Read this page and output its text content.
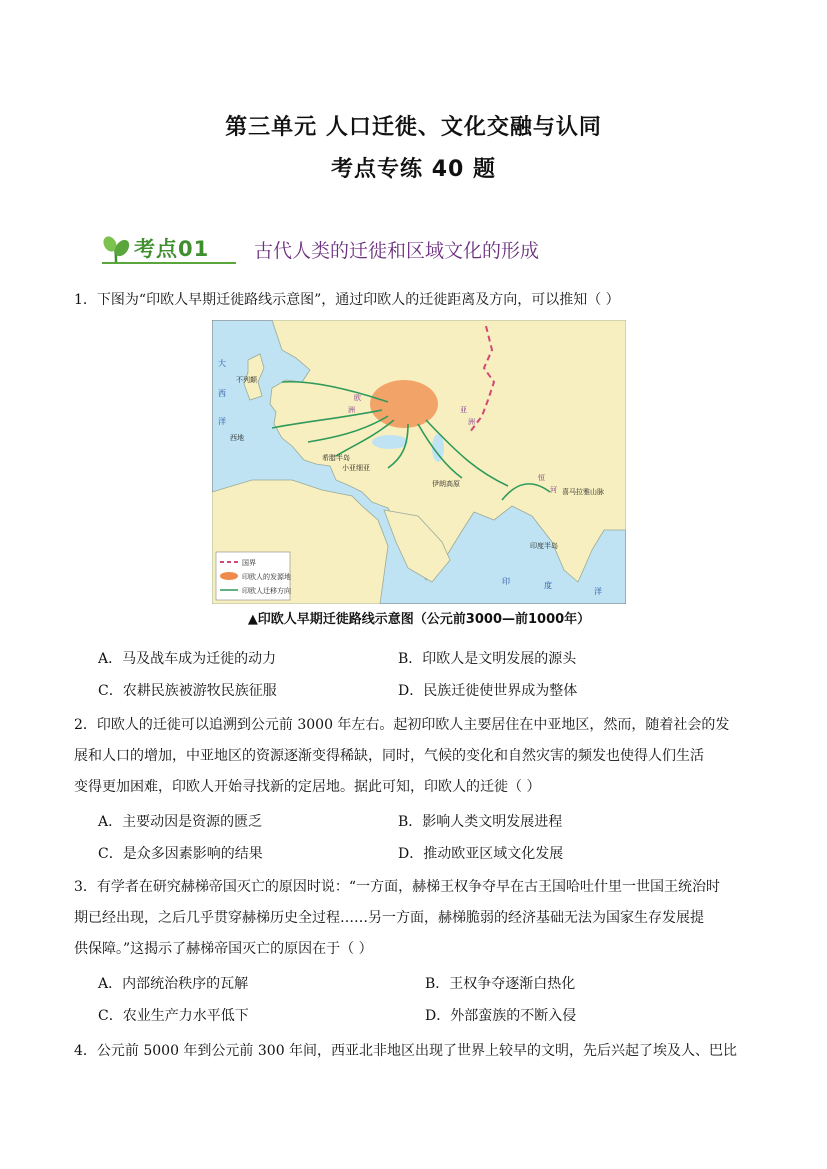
第三单元 人口迁徙、文化交融与认同
考点专练 40 题
考点01 古代人类的迁徙和区域文化的形成
1．下图为“印欧人早期迁徙路线示意图”，通过印欧人的迁徙距离及方向，可以推知（ ）
大
西
洋
洋
印	度
不列颠
西地
欧
洲
希腊半岛
小亚细亚
伊朗高原
恒
河 喜马拉雅山脉
印度半岛
亚
洲
国界
印欧人的发源地
印欧人迁移方向
▲印欧人早期迁徙路线示意图（公元前3000—前1000年）
A．马及战车成为迁徙的动力	B．印欧人是文明发展的源头
C．农耕民族被游牧民族征服	D．民族迁徙使世界成为整体
2．印欧人的迁徙可以追溯到公元前 3000 年左右。起初印欧人主要居住在中亚地区，然而，随着社会的发
展和人口的增加，中亚地区的资源逐渐变得稀缺，同时，气候的变化和自然灾害的频发也使得人们生活
变得更加困难，印欧人开始寻找新的定居地。据此可知，印欧人的迁徙（ ）
A．主要动因是资源的匮乏	B．影响人类文明发展进程
C．是众多因素影响的结果	D．推动欧亚区域文化发展
3．有学者在研究赫梯帝国灭亡的原因时说：“一方面，赫梯王权争夺早在古王国哈吐什里一世国王统治时
期已经出现，之后几乎贯穿赫梯历史全过程……另一方面，赫梯脆弱的经济基础无法为国家生存发展提
供保障。”这揭示了赫梯帝国灭亡的原因在于（ ）
A．内部统治秩序的瓦解	B．王权争夺逐渐白热化
C．农业生产力水平低下	D．外部蛮族的不断入侵
4．公元前 5000 年到公元前 300 年间，西亚北非地区出现了世界上较早的文明，先后兴起了埃及人、巴比
